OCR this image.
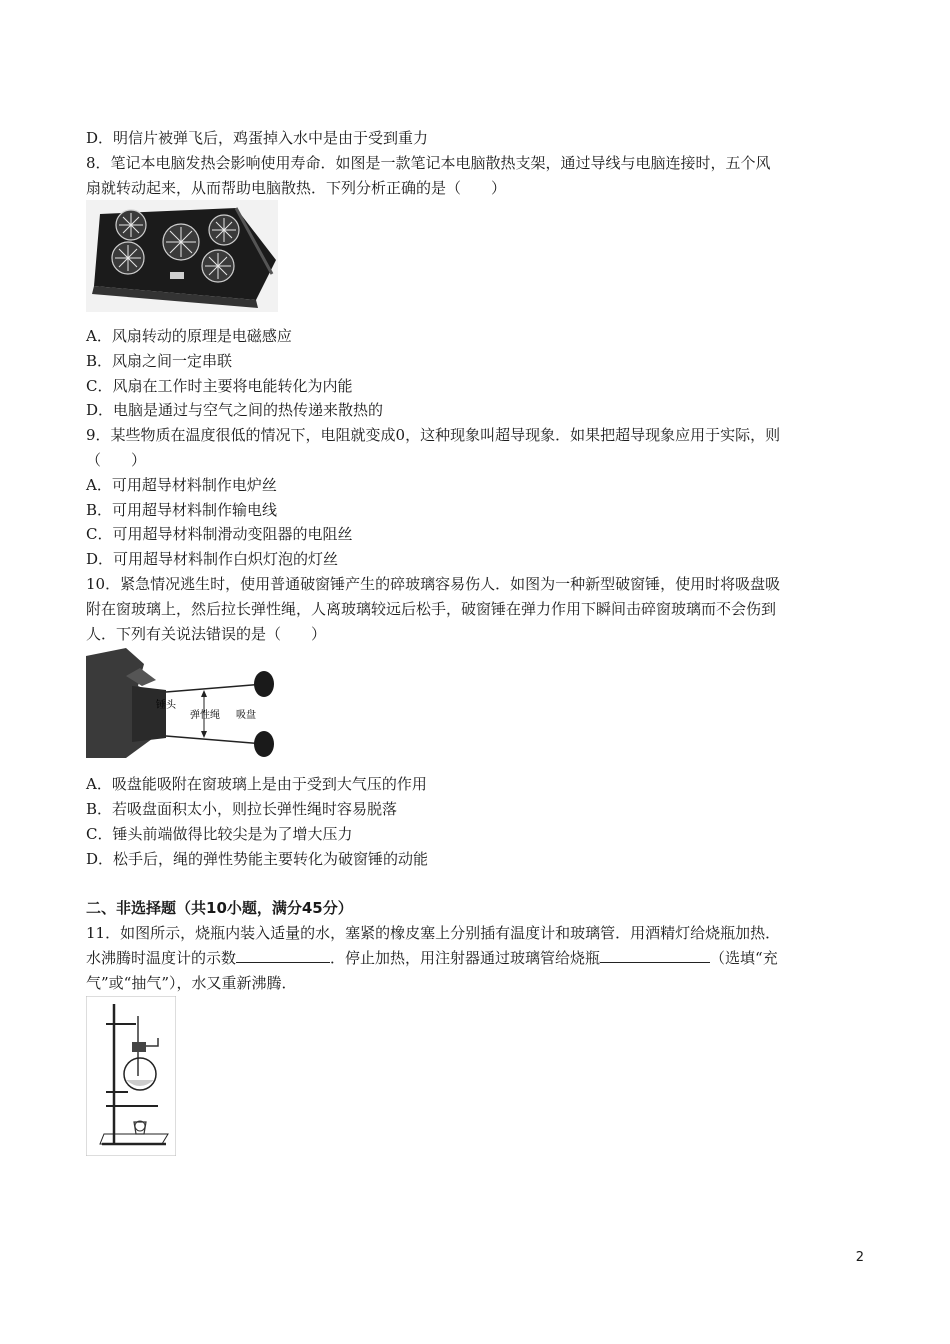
D．明信片被弹飞后，鸡蛋掉入水中是由于受到重力
8．笔记本电脑发热会影响使用寿命．如图是一款笔记本电脑散热支架，通过导线与电脑连接时，五个风
扇就转动起来，从而帮助电脑散热．下列分析正确的是（　　）
A．风扇转动的原理是电磁感应
B．风扇之间一定串联
C．风扇在工作时主要将电能转化为内能
D．电脑是通过与空气之间的热传递来散热的
9．某些物质在温度很低的情况下，电阻就变成0，这种现象叫超导现象．如果把超导现象应用于实际，则
（　　）
A．可用超导材料制作电炉丝
B．可用超导材料制作输电线
C．可用超导材料制滑动变阻器的电阻丝
D．可用超导材料制作白炽灯泡的灯丝
10．紧急情况逃生时，使用普通破窗锤产生的碎玻璃容易伤人．如图为一种新型破窗锤，使用时将吸盘吸
附在窗玻璃上，然后拉长弹性绳，人离玻璃较远后松手，破窗锤在弹力作用下瞬间击碎窗玻璃而不会伤到
人．下列有关说法错误的是（　　）
锤头
弹性绳 吸盘
A．吸盘能吸附在窗玻璃上是由于受到大气压的作用
B．若吸盘面积太小，则拉长弹性绳时容易脱落
C．锤头前端做得比较尖是为了增大压力
D．松手后，绳的弹性势能主要转化为破窗锤的动能
二、非选择题（共10小题，满分45分）
11．如图所示，烧瓶内装入适量的水，塞紧的橡皮塞上分别插有温度计和玻璃管．用酒精灯给烧瓶加热．
水沸腾时温度计的示数	．停止加热，用注射器通过玻璃管给烧瓶	（选填“充
气”或“抽气”），水又重新沸腾．
2
